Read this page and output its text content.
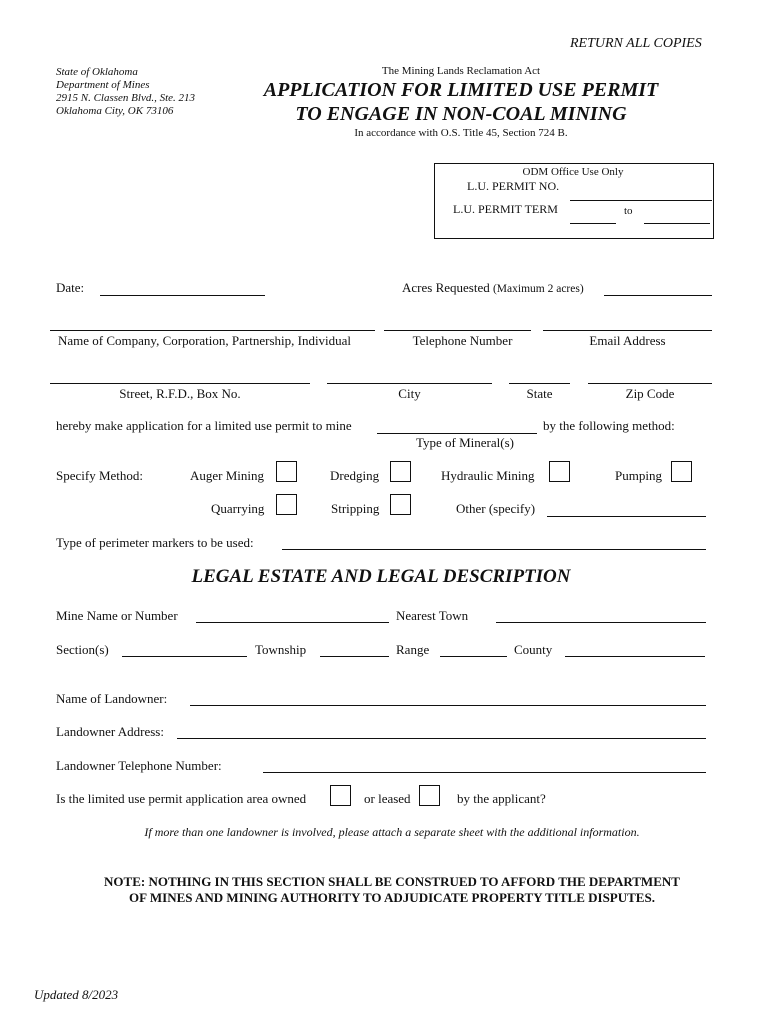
RETURN ALL COPIES
State of Oklahoma
Department of Mines
2915 N. Classen Blvd., Ste. 213
Oklahoma City, OK 73106
The Mining Lands Reclamation Act
APPLICATION FOR LIMITED USE PERMIT
TO ENGAGE IN NON-COAL MINING
In accordance with O.S. Title 45, Section 724 B.
ODM Office Use Only
L.U. PERMIT NO.
L.U. PERMIT TERM	to
Date:	Acres Requested (Maximum 2 acres)
Name of Company, Corporation, Partnership, Individual	Telephone Number	Email Address
Street, R.F.D., Box No.	City	State	Zip Code
hereby make application for a limited use permit to mine	by the following method:
Type of Mineral(s)
Specify Method:	Auger Mining	Dredging	Hydraulic Mining	Pumping
Quarrying	Stripping	Other (specify)
Type of perimeter markers to be used:
LEGAL ESTATE AND LEGAL DESCRIPTION
Mine Name or Number	Nearest Town
Section(s)	Township	Range	County
Name of Landowner:
Landowner Address:
Landowner Telephone Number:
Is the limited use permit application area owned	or leased	by the applicant?
If more than one landowner is involved, please attach a separate sheet with the additional information.
NOTE: NOTHING IN THIS SECTION SHALL BE CONSTRUED TO AFFORD THE DEPARTMENT
OF MINES AND MINING AUTHORITY TO ADJUDICATE PROPERTY TITLE DISPUTES.
Updated 8/2023
